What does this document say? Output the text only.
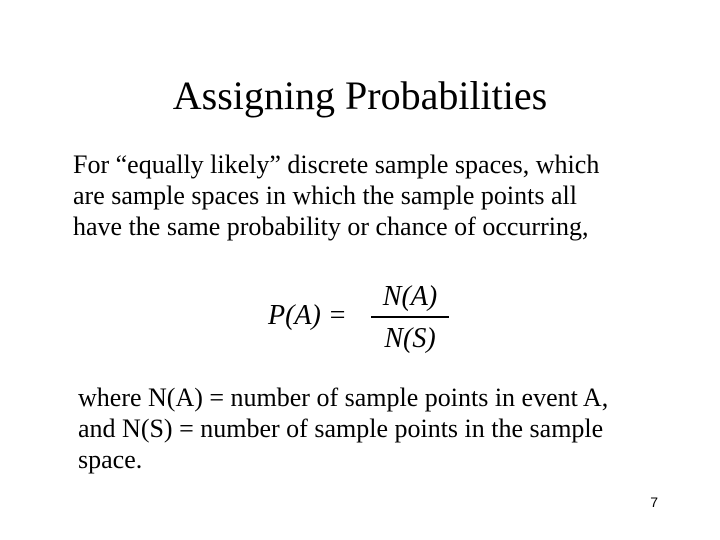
Assigning Probabilities
For “equally likely” discrete sample spaces, which
are sample spaces in which the sample points all
have the same probability or chance of occurring,
P(A) =
N(A)
N(S)
where N(A) = number of sample points in event A,
and N(S) = number of sample points in the sample
space.
7
